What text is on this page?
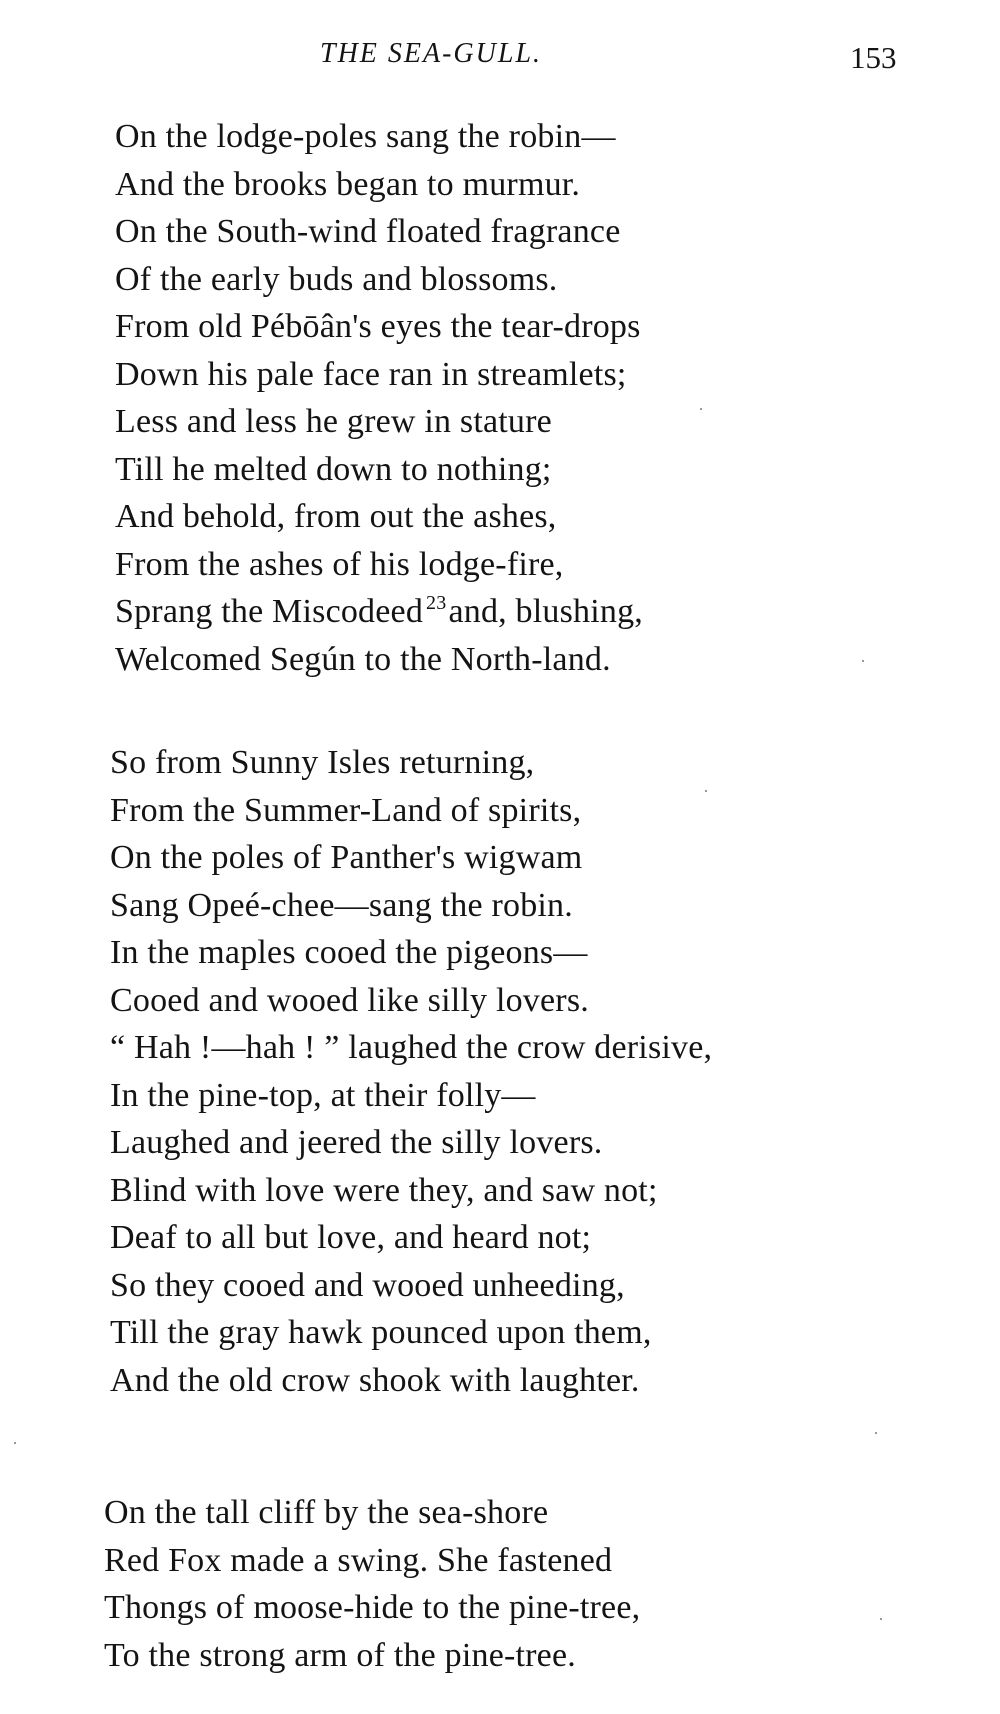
THE SEA-GULL.	153
On the lodge-poles sang the robin—
And the brooks began to murmur.
On the South-wind floated fragrance
Of the early buds and blossoms.
From old Pébōân's eyes the tear-drops
Down his pale face ran in streamlets;
Less and less he grew in stature
Till he melted down to nothing;
And behold, from out the ashes,
From the ashes of his lodge-fire,
Sprang the Miscodeed $^{23}$and, blushing,
Welcomed Según to the North-land.
So from Sunny Isles returning,
From the Summer-Land of spirits,
On the poles of Panther's wigwam
Sang Opeé-chee—sang the robin.
In the maples cooed the pigeons—
Cooed and wooed like silly lovers.
“ Hah !—hah ! ” laughed the crow derisive,
In the pine-top, at their folly—
Laughed and jeered the silly lovers.
Blind with love were they, and saw not;
Deaf to all but love, and heard not;
So they cooed and wooed unheeding,
Till the gray hawk pounced upon them,
And the old crow shook with laughter.
On the tall cliff by the sea-shore
Red Fox made a swing. She fastened
Thongs of moose-hide to the pine-tree,
To the strong arm of the pine-tree.
